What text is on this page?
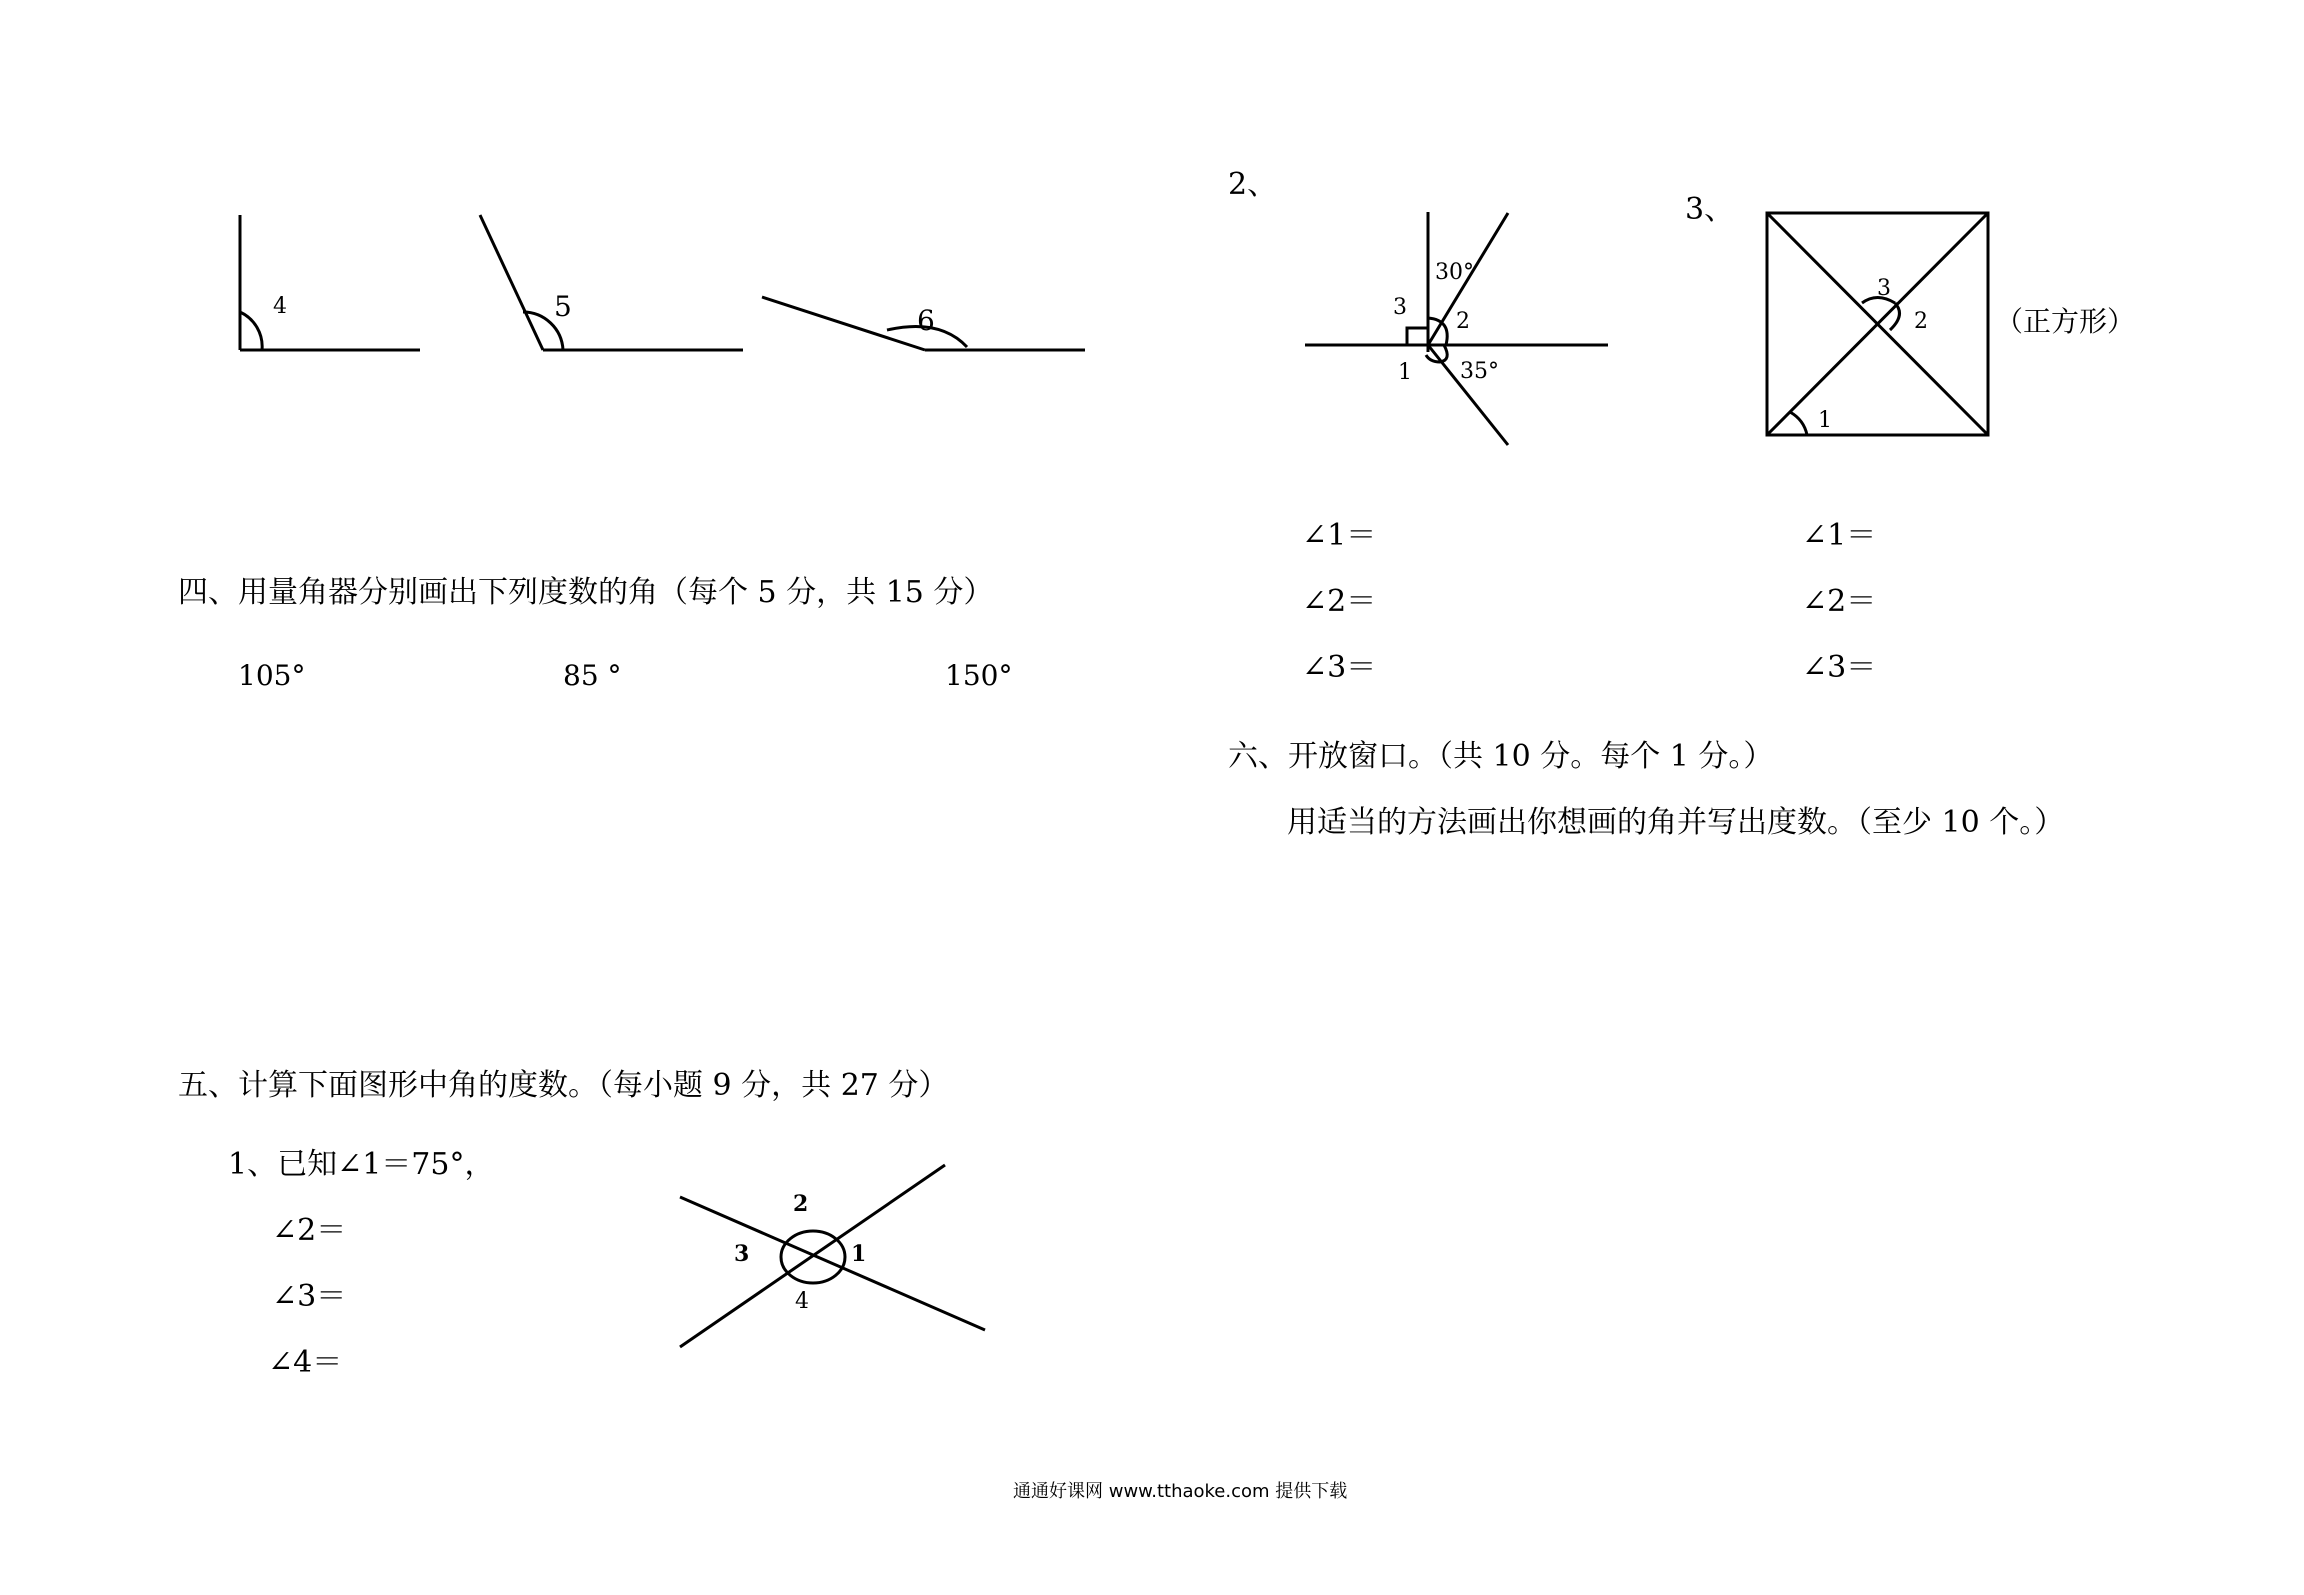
4	5	6
四、用量角器分别画出下列度数的角（每个 5 分，共 15 分）
105°	85 °	150°
五、计算下面图形中角的度数。（每小题 9 分，共 27 分）
1、已知∠1＝75°，
∠2＝
∠3＝
∠4＝
2
3	1
4
2、
30°
3
2
1 35°
∠1＝
∠2＝
∠3＝
3、
3
2
1
（正方形）
∠1＝
∠2＝
∠3＝
六、开放窗口。（共 10 分。每个 1 分。）
用适当的方法画出你想画的角并写出度数。（至少 10 个。）
通通好课网 www.tthaoke.com 提供下载
